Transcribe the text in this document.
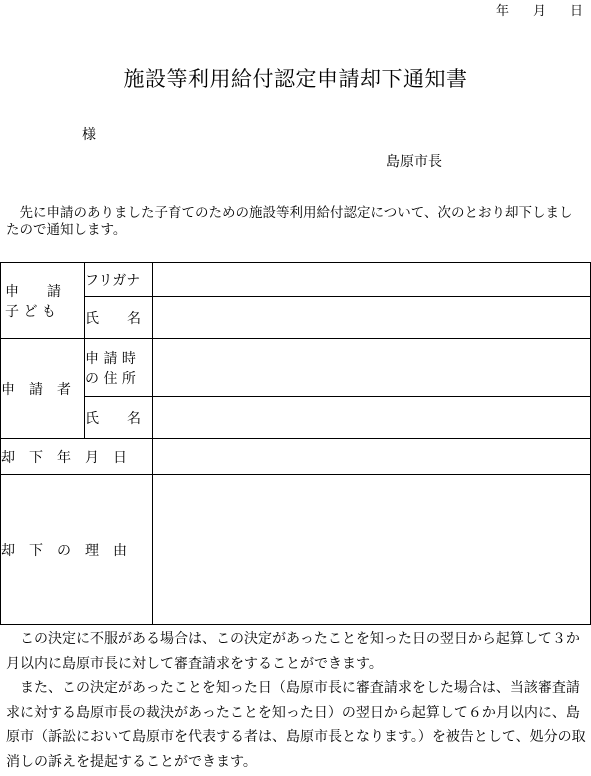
年 月 日
施設等利用給付認定申請却下通知書
様
島原市長

先に申請のありました子育てのための施設等利用給付認定について、次のとおり却下しましたので通知します。

申　　請
子 ど も	フリガナ	
	氏　　名	
申　請　者	申 請 時
の 住 所	

	氏　　名	
却　下　年　月　日		
却　下　の　理　由		

この決定に不服がある場合は、この決定があったことを知った日の翌日から起算して３か月以内に島原市長に対して審査請求をすることができます。

また、この決定があったことを知った日（島原市長に審査請求をした場合は、当該審査請求に対する島原市長の裁決があったことを知った日）の翌日から起算して６か月以内に、島原市（訴訟において島原市を代表する者は、島原市長となります。）を被告として、処分の取消しの訴えを提起することができます。
